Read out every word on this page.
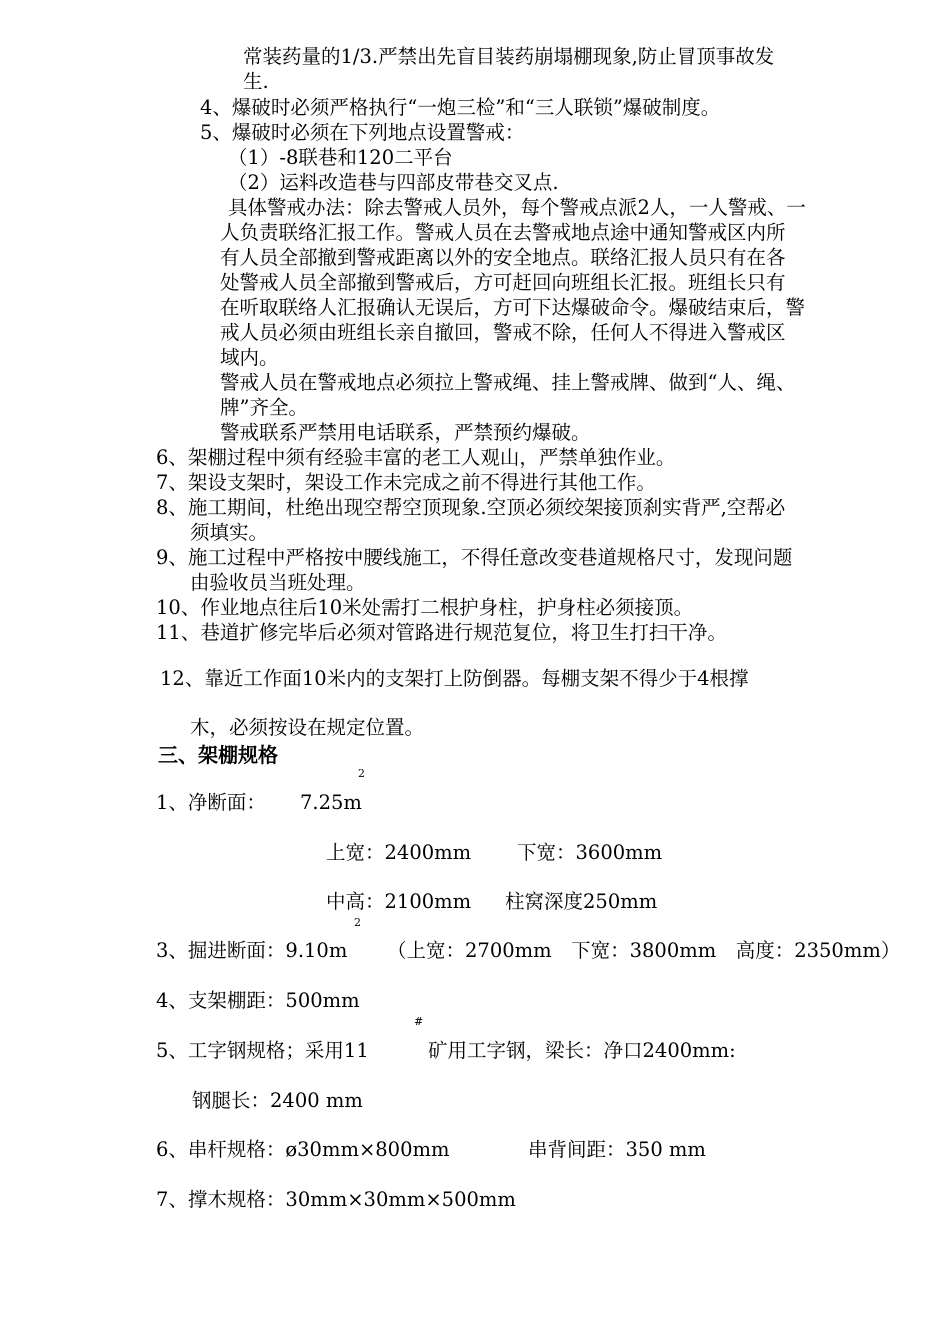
常装药量的1/3.严禁出先盲目装药崩塌棚现象,防止冒顶事故发
生.
4、爆破时必须严格执行“一炮三检”和“三人联锁”爆破制度。
5、爆破时必须在下列地点设置警戒：
（1）-8联巷和120二平台
（2）运料改造巷与四部皮带巷交叉点.
具体警戒办法：除去警戒人员外，每个警戒点派2人，一人警戒、一
人负责联络汇报工作。警戒人员在去警戒地点途中通知警戒区内所
有人员全部撤到警戒距离以外的安全地点。联络汇报人员只有在各
处警戒人员全部撤到警戒后，方可赶回向班组长汇报。班组长只有
在听取联络人汇报确认无误后，方可下达爆破命令。爆破结束后，警
戒人员必须由班组长亲自撤回，警戒不除，任何人不得进入警戒区
域内。
警戒人员在警戒地点必须拉上警戒绳、挂上警戒牌、做到“人、绳、
牌”齐全。
警戒联系严禁用电话联系，严禁预约爆破。
6、架棚过程中须有经验丰富的老工人观山，严禁单独作业。
7、架设支架时，架设工作未完成之前不得进行其他工作。
8、施工期间，杜绝出现空帮空顶现象.空顶必须绞架接顶刹实背严,空帮必
须填实。
9、施工过程中严格按中腰线施工，不得任意改变巷道规格尺寸，发现问题
由验收员当班处理。
10、作业地点往后10米处需打二根护身柱，护身柱必须接顶。
11、巷道扩修完毕后必须对管路进行规范复位，将卫生打扫干净。
12、靠近工作面10米内的支架打上防倒器。每棚支架不得少于4根撑
木，必须按设在规定位置。
三、架棚规格
1、净断面： 7.25m
2
上宽：2400mm 下宽：3600mm
中高：2100mm 柱窝深度250mm
2
3、掘进断面：9.10m （上宽：2700mm　下宽：3800mm　高度：2350mm）
4、支架棚距：500mm
#
5、工字钢规格；采用11	矿用工字钢，梁长：净口2400mm:
钢腿长：2400 mm
6、串杆规格：ø30mm×800mm	串背间距：350 mm
7、撑木规格：30mm×30mm×500mm
